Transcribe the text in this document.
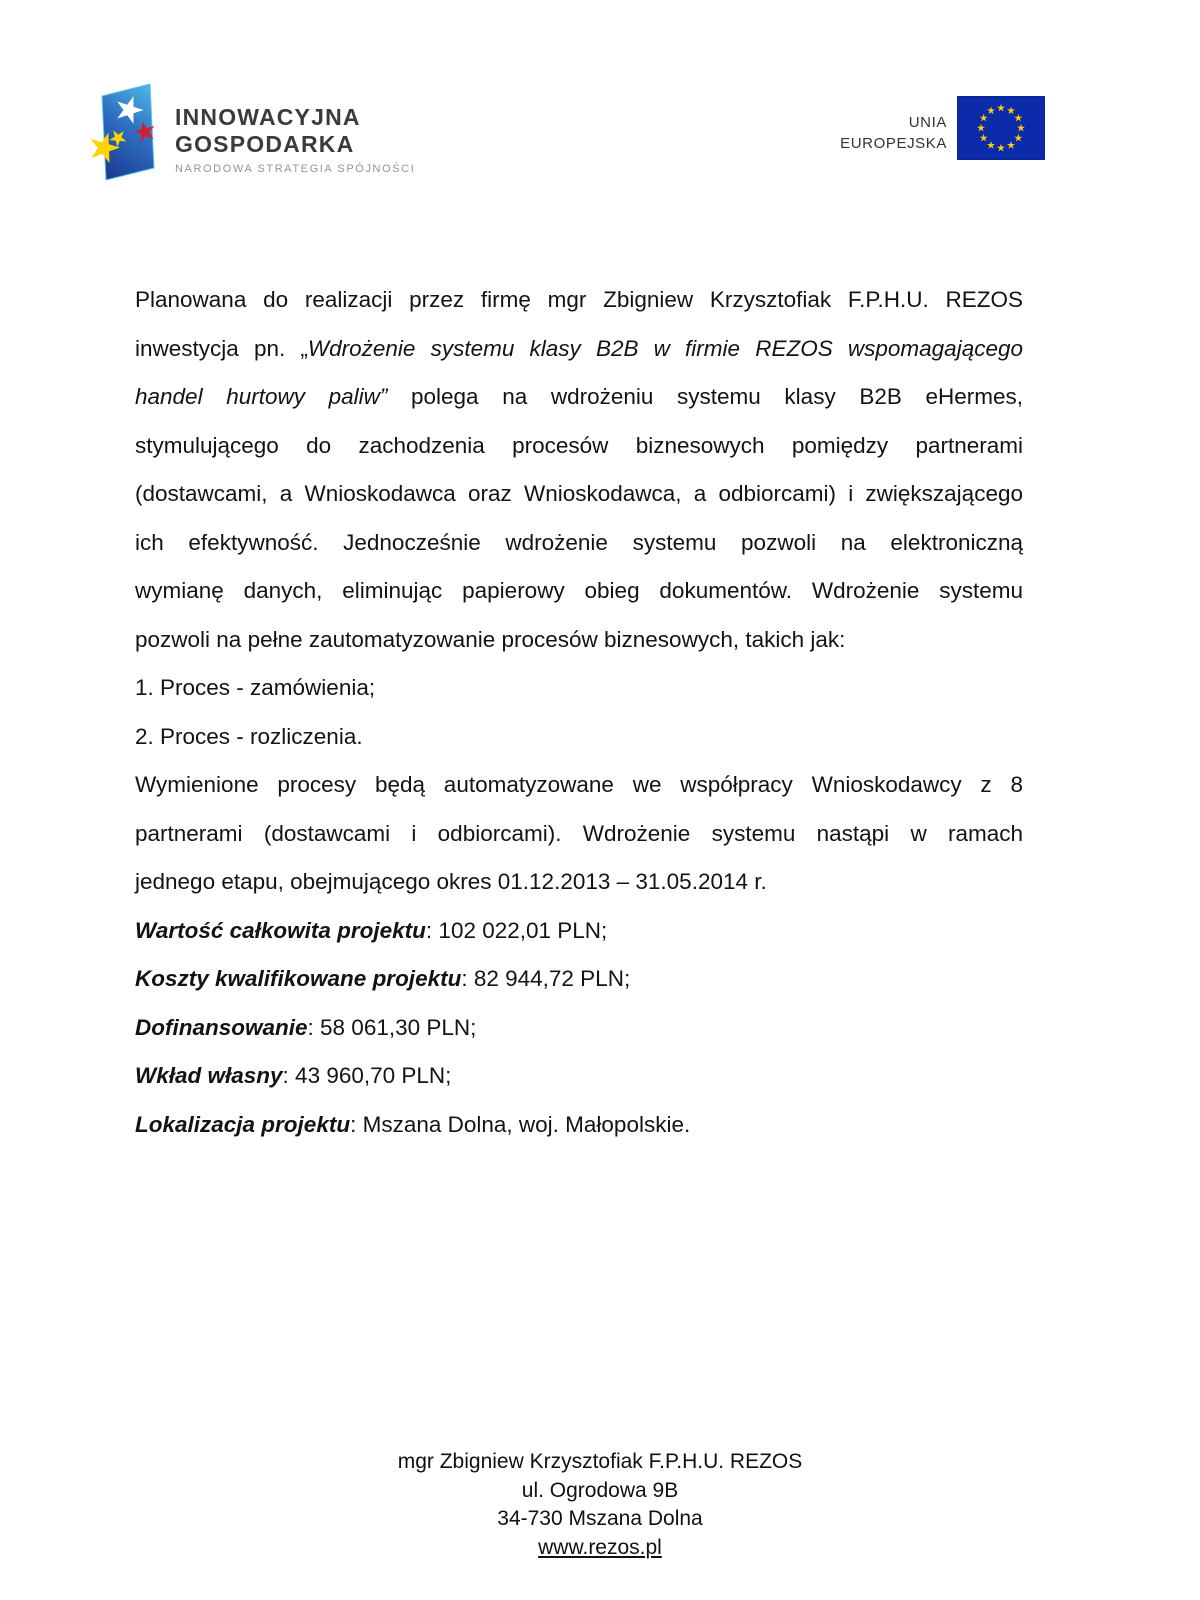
INNOWACYJNA
GOSPODARKA
NARODOWA STRATEGIA SPÓJNOŚCI
UNIA
EUROPEJSKA
Planowana do realizacji przez firmę mgr Zbigniew Krzysztofiak F.P.H.U. REZOS
inwestycja pn. „Wdrożenie systemu klasy B2B w firmie REZOS wspomagającego
handel hurtowy paliw” polega na wdrożeniu systemu klasy B2B eHermes,
stymulującego do zachodzenia procesów biznesowych pomiędzy partnerami
(dostawcami, a Wnioskodawca oraz Wnioskodawca, a odbiorcami) i zwiększającego
ich efektywność. Jednocześnie wdrożenie systemu pozwoli na elektroniczną
wymianę danych, eliminując papierowy obieg dokumentów. Wdrożenie systemu
pozwoli na pełne zautomatyzowanie procesów biznesowych, takich jak:
1. Proces - zamówienia;
2. Proces - rozliczenia.
Wymienione procesy będą automatyzowane we współpracy Wnioskodawcy z 8
partnerami (dostawcami i odbiorcami). Wdrożenie systemu nastąpi w ramach
jednego etapu, obejmującego okres 01.12.2013 – 31.05.2014 r.
Wartość całkowita projektu: 102 022,01 PLN;
Koszty kwalifikowane projektu: 82 944,72 PLN;
Dofinansowanie: 58 061,30 PLN;
Wkład własny: 43 960,70 PLN;
Lokalizacja projektu: Mszana Dolna, woj. Małopolskie.
mgr Zbigniew Krzysztofiak F.P.H.U. REZOS
ul. Ogrodowa 9B
34-730 Mszana Dolna
www.rezos.pl
